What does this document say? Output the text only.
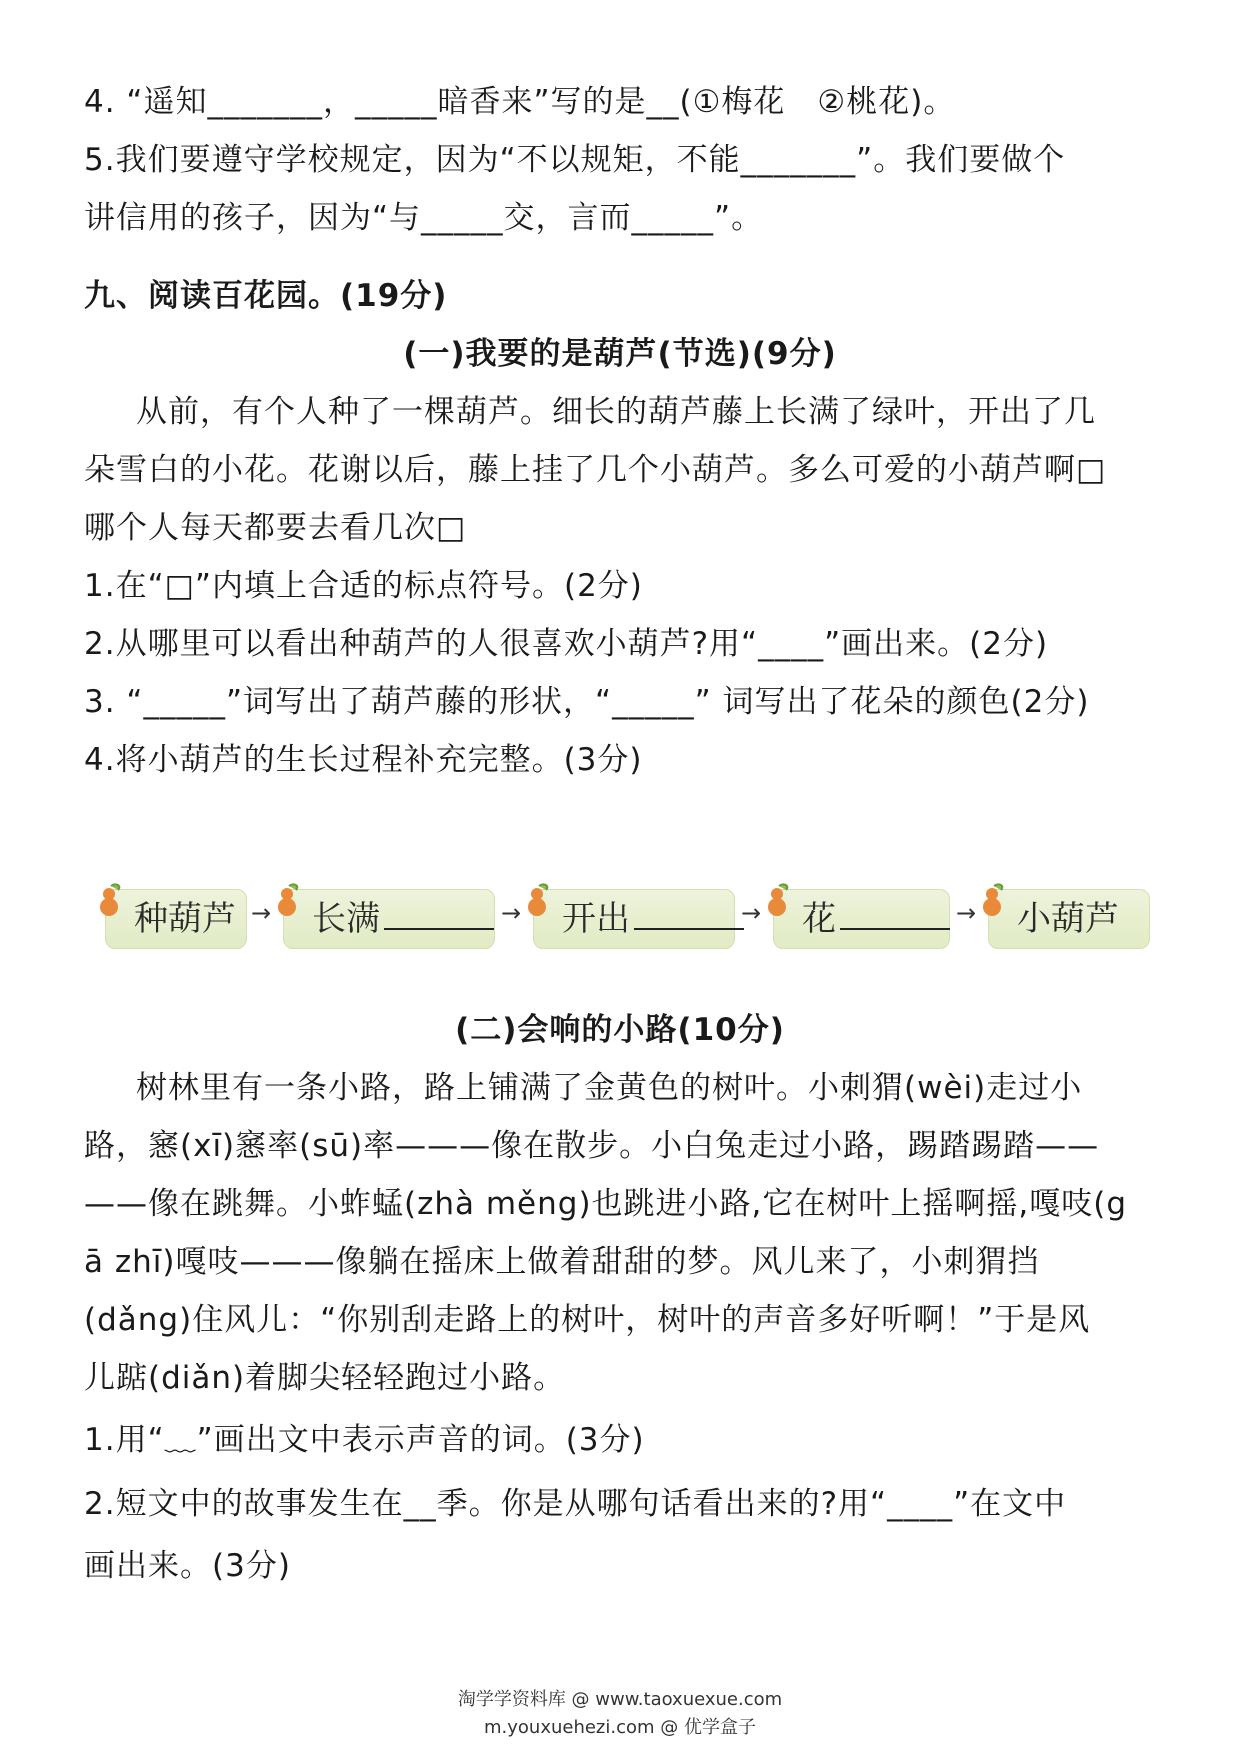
4. “遥知_______，_____暗香来”写的是__(①梅花　②桃花)。
5.我们要遵守学校规定，因为“不以规矩，不能_______”。我们要做个
讲信用的孩子，因为“与_____交，言而_____”。
九、阅读百花园。(19分)
(一)我要的是葫芦(节选)(9分)
从前，有个人种了一棵葫芦。细长的葫芦藤上长满了绿叶，开出了几
朵雪白的小花。花谢以后，藤上挂了几个小葫芦。多么可爱的小葫芦啊□
哪个人每天都要去看几次□
1.在“□”内填上合适的标点符号。(2分)
2.从哪里可以看出种葫芦的人很喜欢小葫芦?用“____”画出来。(2分)
3. “_____”词写出了葫芦藤的形状，“_____” 词写出了花朵的颜色(2分)
4.将小葫芦的生长过程补充完整。(3分)
种葫芦 → 长满	→ 开出	→ 花	→ 小葫芦
(二)会响的小路(10分)
树林里有一条小路，路上铺满了金黄色的树叶。小刺猬(wèi)走过小
路，窸(xī)窸率(sū)率———像在散步。小白兔走过小路，踢踏踢踏——
——像在跳舞。小蚱蜢(zhà měng)也跳进小路,它在树叶上摇啊摇,嘎吱(g
ā zhī)嘎吱———像躺在摇床上做着甜甜的梦。风儿来了，小刺猬挡
(dǎng)住风儿：“你别刮走路上的树叶，树叶的声音多好听啊！”于是风
儿踮(diǎn)着脚尖轻轻跑过小路。
1.用“﹏”画出文中表示声音的词。(3分)
2.短文中的故事发生在__季。你是从哪句话看出来的?用“____”在文中
画出来。(3分)
淘学学资料库 @ www.taoxuexue.com
m.youxuehezi.com @ 优学盒子
